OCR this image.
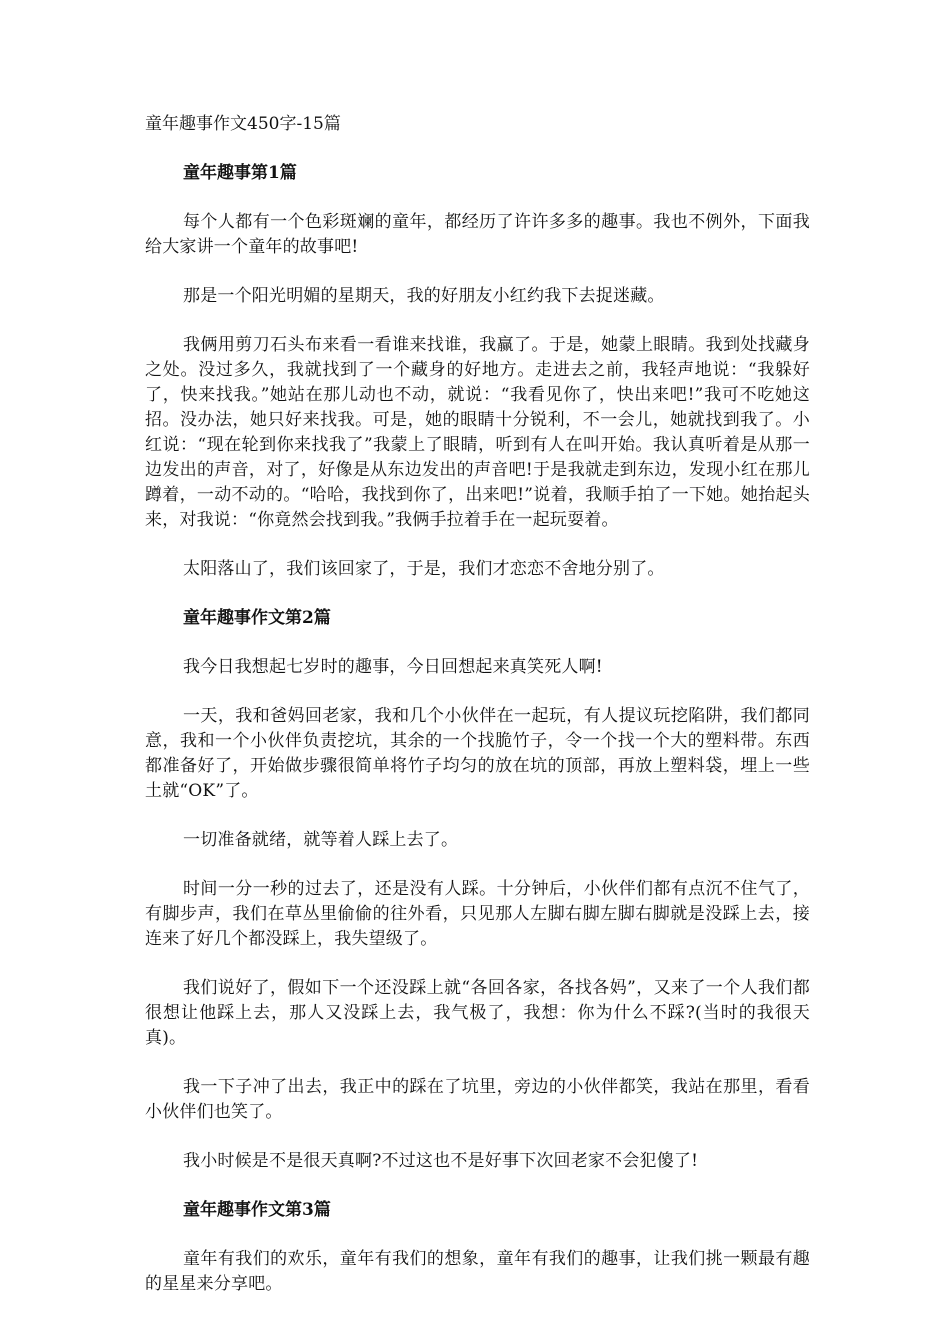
童年趣事作文450字-15篇

童年趣事第1篇

每个人都有一个色彩斑斓的童年，都经历了许许多多的趣事。我也不例外，下面我给大家讲一个童年的故事吧!

那是一个阳光明媚的星期天，我的好朋友小红约我下去捉迷藏。

我俩用剪刀石头布来看一看谁来找谁，我赢了。于是，她蒙上眼睛。我到处找藏身之处。没过多久，我就找到了一个藏身的好地方。走进去之前，我轻声地说：“我躲好了，快来找我。”她站在那儿动也不动，就说：“我看见你了，快出来吧!”我可不吃她这招。没办法，她只好来找我。可是，她的眼睛十分锐利，不一会儿，她就找到我了。小红说：“现在轮到你来找我了”我蒙上了眼睛，听到有人在叫开始。我认真听着是从那一边发出的声音，对了，好像是从东边发出的声音吧!于是我就走到东边，发现小红在那儿蹲着，一动不动的。“哈哈，我找到你了，出来吧!”说着，我顺手拍了一下她。她抬起头来，对我说：“你竟然会找到我。”我俩手拉着手在一起玩耍着。

太阳落山了，我们该回家了，于是，我们才恋恋不舍地分别了。

童年趣事作文第2篇

我今日我想起七岁时的趣事，今日回想起来真笑死人啊!

一天，我和爸妈回老家，我和几个小伙伴在一起玩，有人提议玩挖陷阱，我们都同意，我和一个小伙伴负责挖坑，其余的一个找脆竹子，令一个找一个大的塑料带。东西都准备好了，开始做步骤很简单将竹子均匀的放在坑的顶部，再放上塑料袋，埋上一些土就“OK”了。

一切准备就绪，就等着人踩上去了。

时间一分一秒的过去了，还是没有人踩。十分钟后，小伙伴们都有点沉不住气了，有脚步声，我们在草丛里偷偷的往外看，只见那人左脚右脚左脚右脚就是没踩上去，接连来了好几个都没踩上，我失望级了。

我们说好了，假如下一个还没踩上就“各回各家，各找各妈”，又来了一个人我们都很想让他踩上去，那人又没踩上去，我气极了，我想：你为什么不踩?(当时的我很天真)。

我一下子冲了出去，我正中的踩在了坑里，旁边的小伙伴都笑，我站在那里，看看小伙伴们也笑了。

我小时候是不是很天真啊?不过这也不是好事下次回老家不会犯傻了!

童年趣事作文第3篇

童年有我们的欢乐，童年有我们的想象，童年有我们的趣事，让我们挑一颗最有趣的星星来分享吧。
